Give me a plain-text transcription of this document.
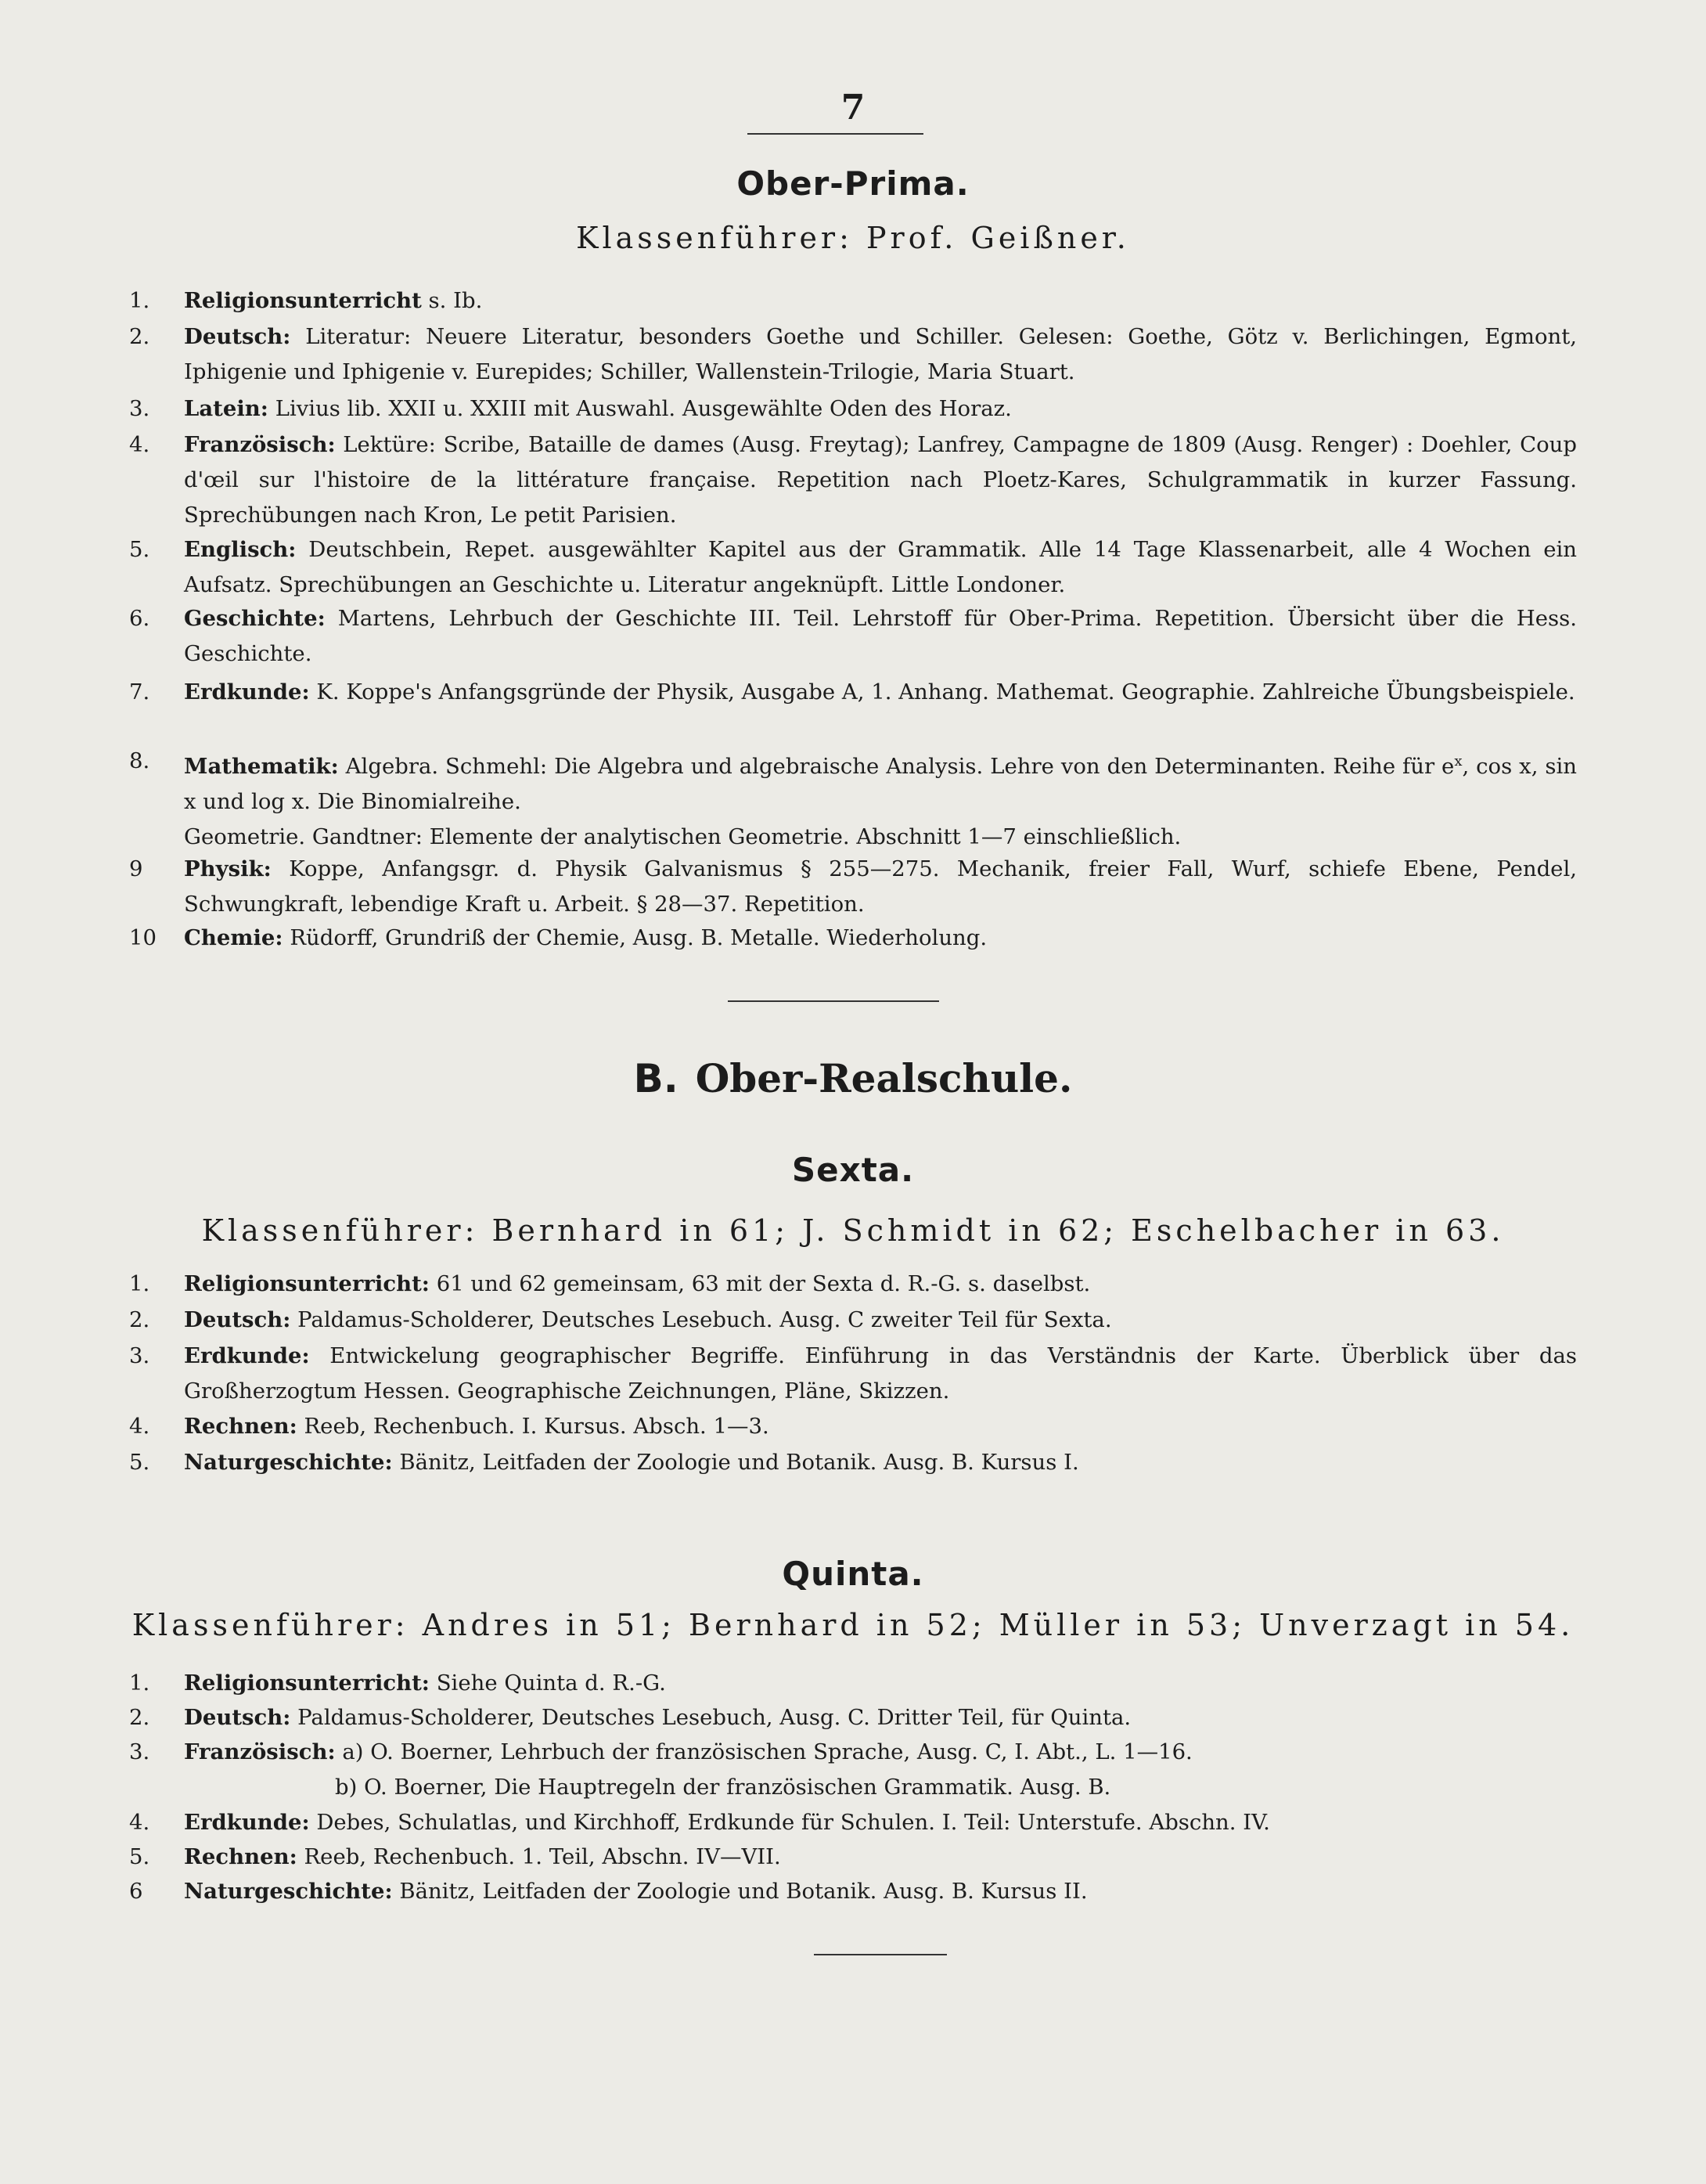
7
Ober-Prima.
Klassenführer: Prof. Geißner.
1.	Religionsunterricht s. Ib.
2.	Deutsch: Literatur: Neuere Literatur, besonders Goethe und Schiller. Gelesen: Goethe, Götz v. Berlichingen, Egmont, Iphigenie und Iphigenie v. Eurepides; Schiller, Wallenstein-Trilogie, Maria Stuart.
3.	Latein: Livius lib. XXII u. XXIII mit Auswahl. Ausgewählte Oden des Horaz.
4.	Französisch: Lektüre: Scribe, Bataille de dames (Ausg. Freytag); Lanfrey, Campagne de 1809 (Ausg. Renger) : Doehler, Coup d'œil sur l'histoire de la littérature française. Repetition nach Ploetz-Kares, Schulgrammatik in kurzer Fassung. Sprechübungen nach Kron, Le petit Parisien.
5.	Englisch: Deutschbein, Repet. ausgewählter Kapitel aus der Grammatik. Alle 14 Tage Klassenarbeit, alle 4 Wochen ein Aufsatz. Sprechübungen an Geschichte u. Literatur angeknüpft. Little Londoner.
6.	Geschichte: Martens, Lehrbuch der Geschichte III. Teil. Lehrstoff für Ober-Prima. Repetition. Übersicht über die Hess. Geschichte.
7.	Erdkunde: K. Koppe's Anfangsgründe der Physik, Ausgabe A, 1. Anhang. Mathemat. Geographie. Zahlreiche Übungsbeispiele.
8.	Mathematik: Algebra. Schmehl: Die Algebra und algebraische Analysis. Lehre von den Determinanten. Reihe für $e^x$, cos x, sin x und log x. Die Binomialreihe.
Geometrie. Gandtner: Elemente der analytischen Geometrie. Abschnitt 1—7 einschließlich.
9	Physik: Koppe, Anfangsgr. d. Physik Galvanismus § 255—275. Mechanik, freier Fall, Wurf, schiefe Ebene, Pendel, Schwungkraft, lebendige Kraft u. Arbeit. § 28—37. Repetition.
10	Chemie: Rüdorff, Grundriß der Chemie, Ausg. B. Metalle. Wiederholung.
B. Ober-Realschule.
Sexta.
Klassenführer: Bernhard in 61; J. Schmidt in 62; Eschelbacher in 63.
1.	Religionsunterricht: 61 und 62 gemeinsam, 63 mit der Sexta d. R.-G. s. daselbst.
2.	Deutsch: Paldamus-Scholderer, Deutsches Lesebuch. Ausg. C zweiter Teil für Sexta.
3.	Erdkunde: Entwickelung geographischer Begriffe. Einführung in das Verständnis der Karte. Überblick über das Großherzogtum Hessen. Geographische Zeichnungen, Pläne, Skizzen.
4.	Rechnen: Reeb, Rechenbuch. I. Kursus. Absch. 1—3.
5.	Naturgeschichte: Bänitz, Leitfaden der Zoologie und Botanik. Ausg. B. Kursus I.
Quinta.
Klassenführer: Andres in 51; Bernhard in 52; Müller in 53; Unverzagt in 54.
1.	Religionsunterricht: Siehe Quinta d. R.-G.
2.	Deutsch: Paldamus-Scholderer, Deutsches Lesebuch, Ausg. C. Dritter Teil, für Quinta.
3.	Französisch: a) O. Boerner, Lehrbuch der französischen Sprache, Ausg. C, I. Abt., L. 1—16.
b) O. Boerner, Die Hauptregeln der französischen Grammatik. Ausg. B.
4.	Erdkunde: Debes, Schulatlas, und Kirchhoff, Erdkunde für Schulen. I. Teil: Unterstufe. Abschn. IV.
5.	Rechnen: Reeb, Rechenbuch. 1. Teil, Abschn. IV—VII.
6	Naturgeschichte: Bänitz, Leitfaden der Zoologie und Botanik. Ausg. B. Kursus II.
